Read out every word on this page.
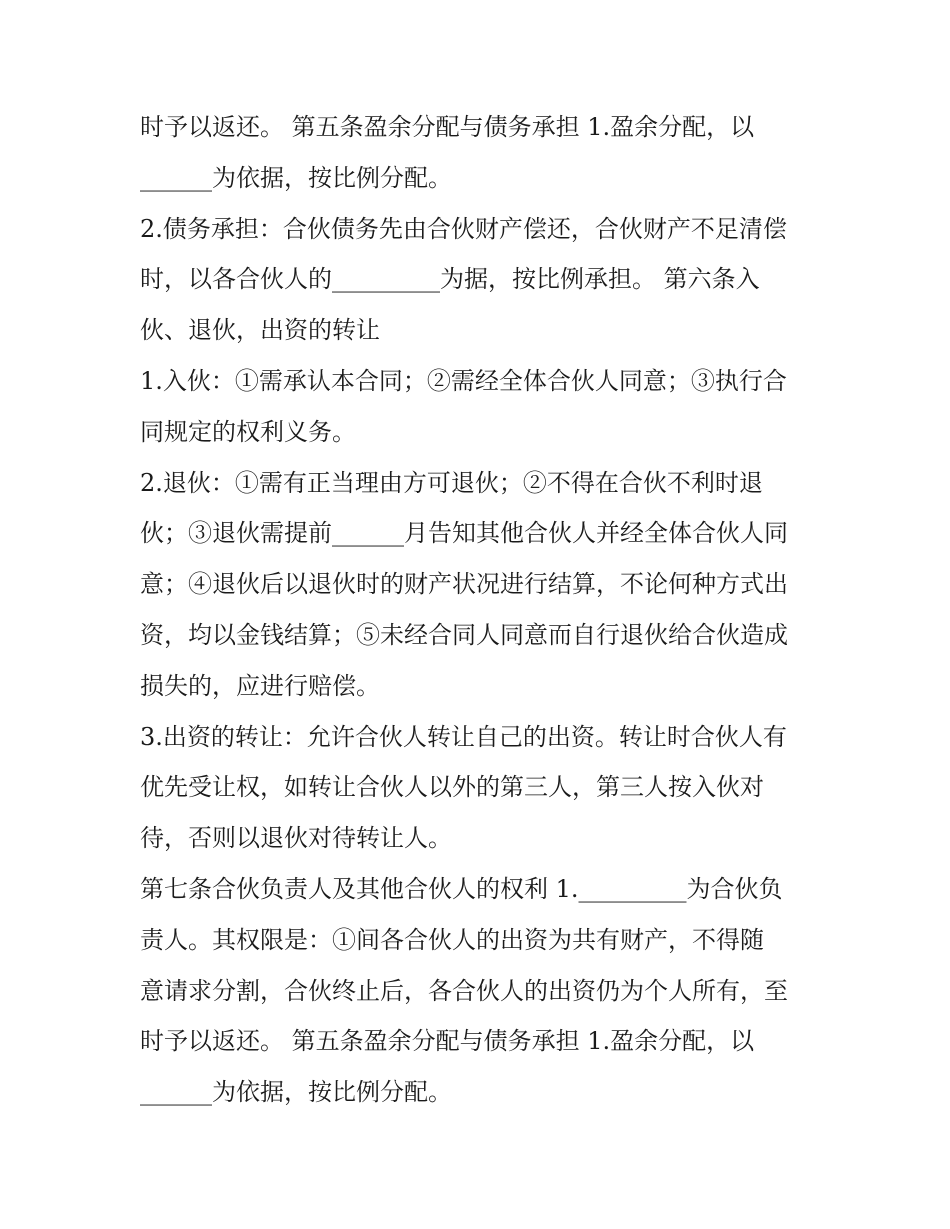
时予以返还。 第五条盈余分配与债务承担 1.盈余分配，以
______为依据，按比例分配。
2.债务承担：合伙债务先由合伙财产偿还，合伙财产不足清偿
时，以各合伙人的_________为据，按比例承担。 第六条入
伙、退伙，出资的转让
1.入伙：①需承认本合同；②需经全体合伙人同意；③执行合
同规定的权利义务。
2.退伙：①需有正当理由方可退伙；②不得在合伙不利时退
伙；③退伙需提前______月告知其他合伙人并经全体合伙人同
意；④退伙后以退伙时的财产状况进行结算，不论何种方式出
资，均以金钱结算；⑤未经合同人同意而自行退伙给合伙造成
损失的，应进行赔偿。
3.出资的转让：允许合伙人转让自己的出资。转让时合伙人有
优先受让权，如转让合伙人以外的第三人，第三人按入伙对
待，否则以退伙对待转让人。
第七条合伙负责人及其他合伙人的权利 1._________为合伙负
责人。其权限是：①间各合伙人的出资为共有财产，不得随
意请求分割，合伙终止后，各合伙人的出资仍为个人所有，至
时予以返还。 第五条盈余分配与债务承担 1.盈余分配，以
______为依据，按比例分配。
